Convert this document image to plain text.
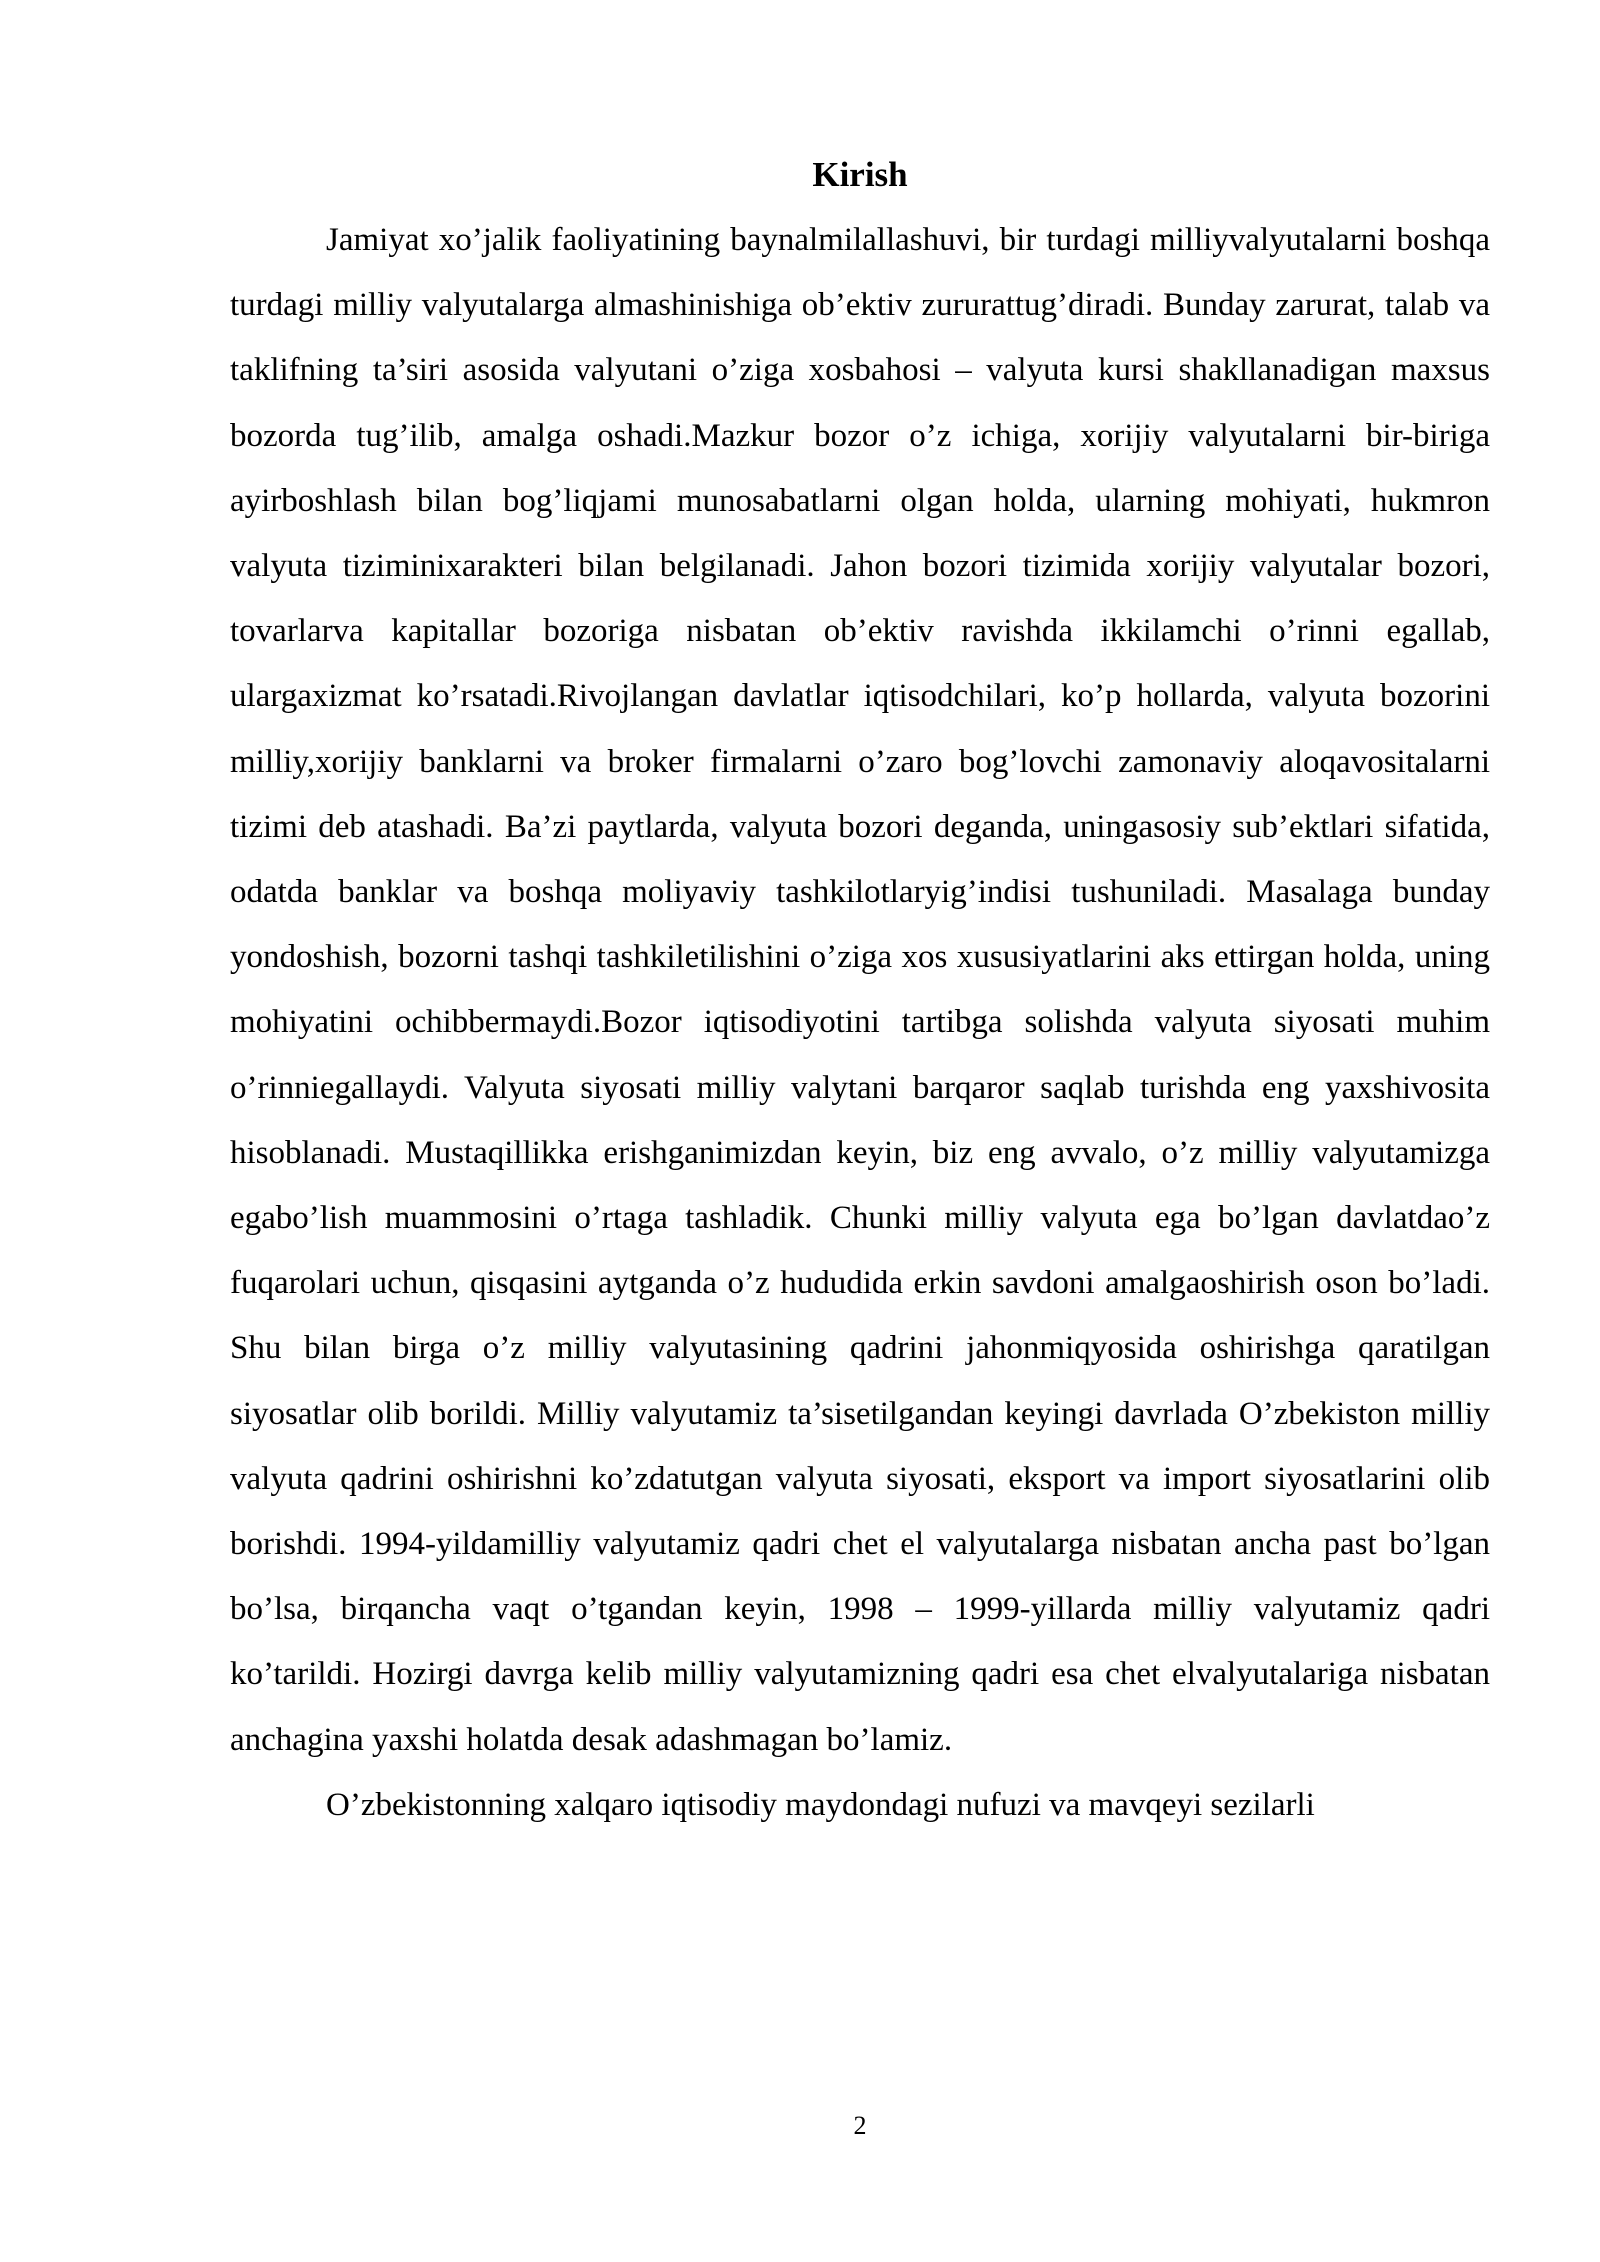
Kirish

Jamiyat xo’jalik faoliyatining baynalmilallashuvi, bir turdagi milliyvalyutalarni boshqa turdagi milliy valyutalarga almashinishiga ob’ektiv zururattug’diradi. Bunday zarurat, talab va taklifning ta’siri asosida valyutani o’ziga xosbahosi – valyuta kursi shakllanadigan maxsus bozorda tug’ilib, amalga oshadi.Mazkur bozor o’z ichiga, xorijiy valyutalarni bir-biriga ayirboshlash bilan bog’liqjami munosabatlarni olgan holda, ularning mohiyati, hukmron valyuta tiziminixarakteri bilan belgilanadi. Jahon bozori tizimida xorijiy valyutalar bozori, tovarlarva kapitallar bozoriga nisbatan ob’ektiv ravishda ikkilamchi o’rinni egallab, ulargaxizmat ko’rsatadi.Rivojlangan davlatlar iqtisodchilari, ko’p hollarda, valyuta bozorini milliy,xorijiy banklarni va broker firmalarni o’zaro bog’lovchi zamonaviy aloqavositalarni tizimi deb atashadi. Ba’zi paytlarda, valyuta bozori deganda, uningasosiy sub’ektlari sifatida, odatda banklar va boshqa moliyaviy tashkilotlaryig’indisi tushuniladi. Masalaga bunday yondoshish, bozorni tashqi tashkiletilishini o’ziga xos xususiyatlarini aks ettirgan holda, uning mohiyatini ochibbermaydi.Bozor iqtisodiyotini tartibga solishda valyuta siyosati muhim o’rinniegallaydi. Valyuta siyosati milliy valytani barqaror saqlab turishda eng yaxshivosita hisoblanadi. Mustaqillikka erishganimizdan keyin, biz eng avvalo, o’z milliy valyutamizga egabo’lish muammosini o’rtaga tashladik. Chunki milliy valyuta ega bo’lgan davlatdao’z fuqarolari uchun, qisqasini aytganda o’z hududida erkin savdoni amalgaoshirish oson bo’ladi. Shu bilan birga o’z milliy valyutasining qadrini jahonmiqyosida oshirishga qaratilgan siyosatlar olib borildi. Milliy valyutamiz ta’sisetilgandan keyingi davrlada O’zbekiston milliy valyuta qadrini oshirishni ko’zdatutgan valyuta siyosati, eksport va import siyosatlarini olib borishdi. 1994-yildamilliy valyutamiz qadri chet el valyutalarga nisbatan ancha past bo’lgan bo’lsa, birqancha vaqt o’tgandan keyin, 1998 – 1999-yillarda milliy valyutamiz qadri ko’tarildi. Hozirgi davrga kelib milliy valyutamizning qadri esa chet elvalyutalariga nisbatan anchagina yaxshi holatda desak adashmagan bo’lamiz.

O’zbekistonning xalqaro iqtisodiy maydondagi nufuzi va mavqeyi sezilarli

2
